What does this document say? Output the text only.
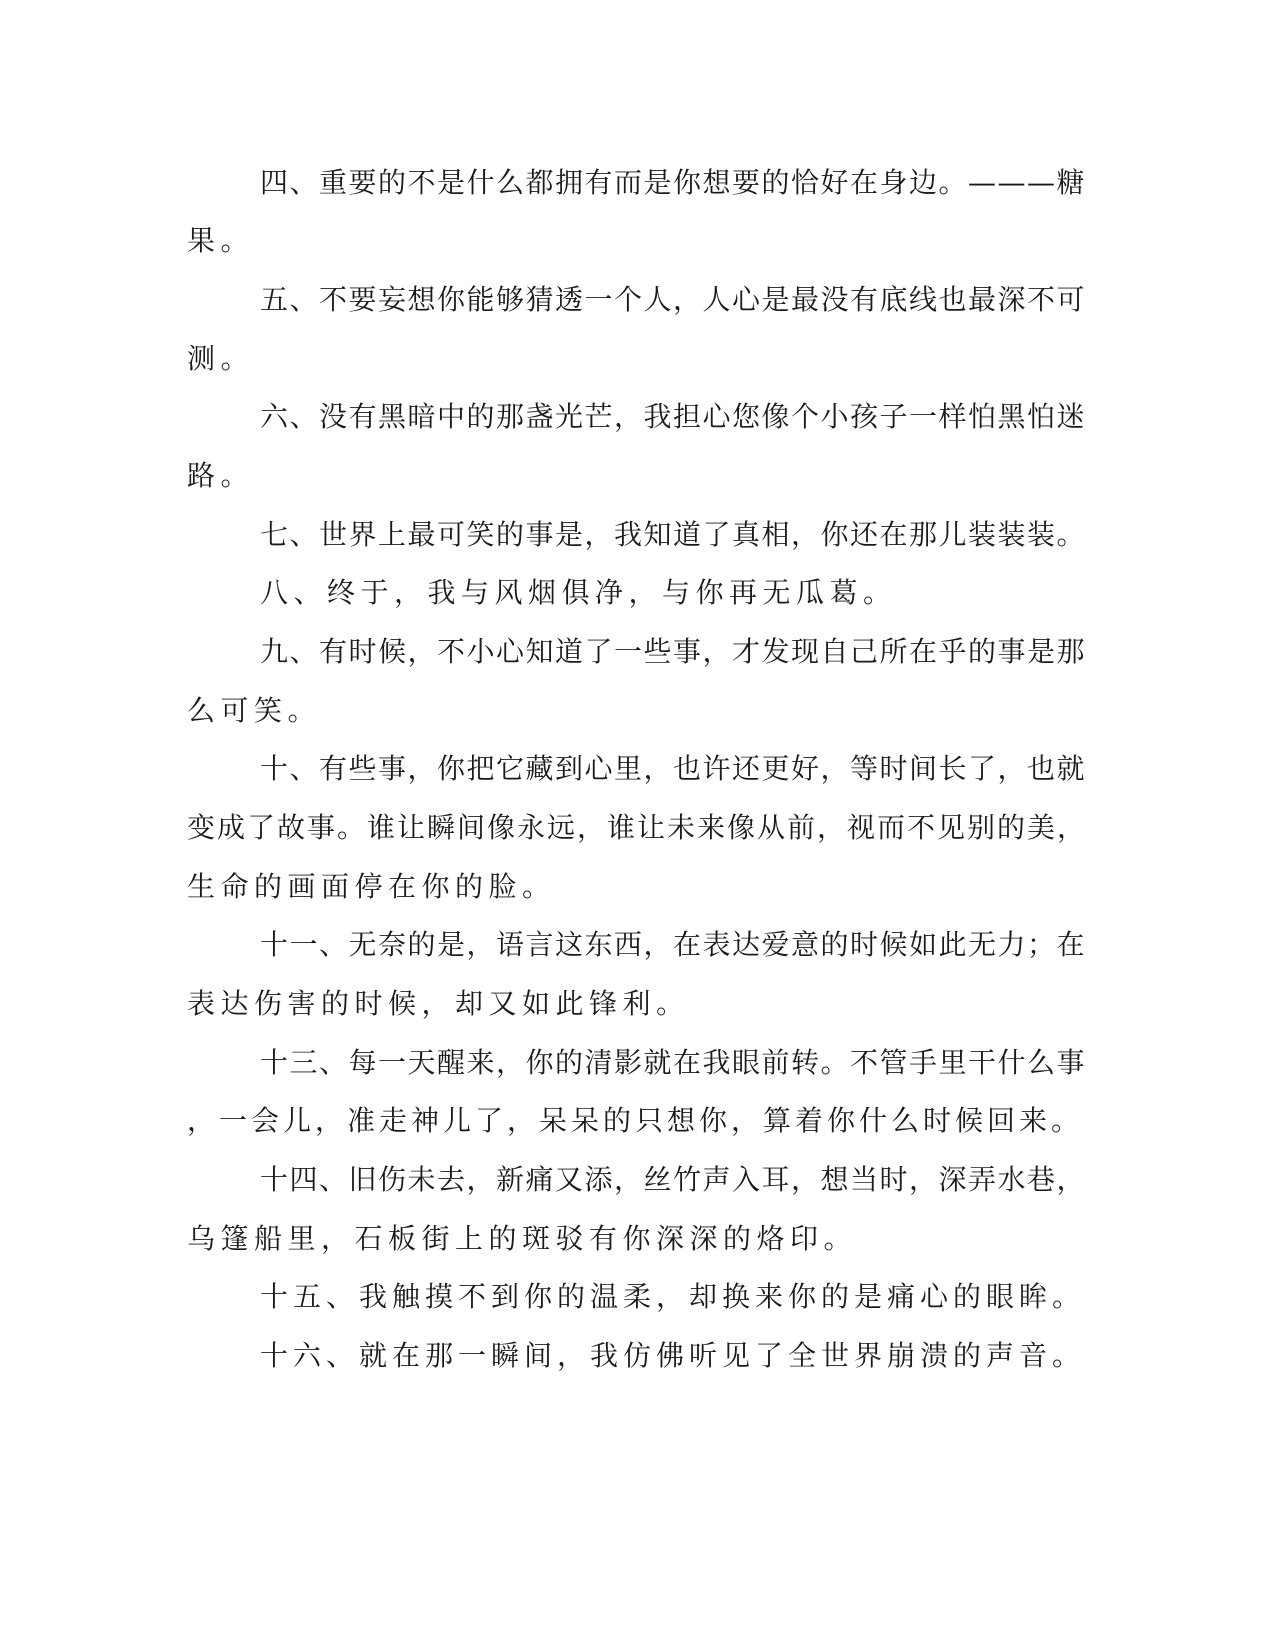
四、重要的不是什么都拥有而是你想要的恰好在身边。———糖
果。
五、不要妄想你能够猜透一个人，人心是最没有底线也最深不可
测。
六、没有黑暗中的那盏光芒，我担心您像个小孩子一样怕黑怕迷
路。
七、世界上最可笑的事是，我知道了真相，你还在那儿装装装。
八、终于，我与风烟俱净，与你再无瓜葛。
九、有时候，不小心知道了一些事，才发现自己所在乎的事是那
么可笑。
十、有些事，你把它藏到心里，也许还更好，等时间长了，也就
变成了故事。谁让瞬间像永远，谁让未来像从前，视而不见别的美，
生命的画面停在你的脸。
十一、无奈的是，语言这东西，在表达爱意的时候如此无力；在
表达伤害的时候，却又如此锋利。
十三、每一天醒来，你的清影就在我眼前转。不管手里干什么事
，一会儿，准走神儿了，呆呆的只想你，算着你什么时候回来。
十四、旧伤未去，新痛又添，丝竹声入耳，想当时，深弄水巷，
乌篷船里，石板街上的斑驳有你深深的烙印。
十五、我触摸不到你的温柔，却换来你的是痛心的眼眸。
十六、就在那一瞬间，我仿佛听见了全世界崩溃的声音。
